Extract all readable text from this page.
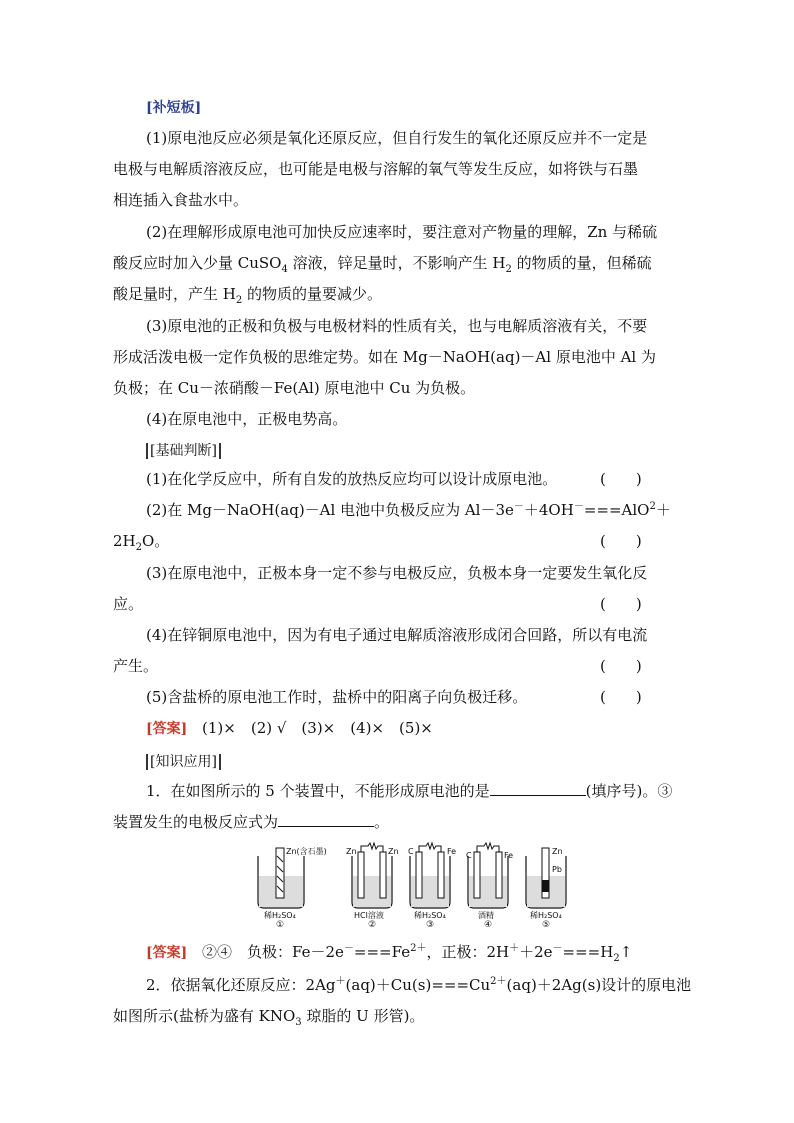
[补短板]
(1)原电池反应必须是氧化还原反应，但自行发生的氧化还原反应并不一定是
电极与电解质溶液反应，也可能是电极与溶解的氧气等发生反应，如将铁与石墨
相连插入食盐水中。
(2)在理解形成原电池可加快反应速率时，要注意对产物量的理解，Zn 与稀硫
酸反应时加入少量 CuSO$_4$ 溶液，锌足量时，不影响产生 $H_2$ 的物质的量，但稀硫
酸足量时，产生 $H_2$ 的物质的量要减少。
(3)原电池的正极和负极与电极材料的性质有关，也与电解质溶液有关，不要
形成活泼电极一定作负极的思维定势。如在 Mg－NaOH(aq)－Al 原电池中 Al 为
负极；在 Cu－浓硝酸－Fe(Al) 原电池中 Cu 为负极。
(4)在原电池中，正极电势高。
[基础判断]
(1)在化学反应中，所有自发的放热反应均可以设计成原电池。	(　　)
(2)在 Mg－NaOH(aq)－Al 电池中负极反应为 Al－3e－＋4OH－===AlO$^2$＋
$2H_2O$。	(　　)
(3)在原电池中，正极本身一定不参与电极反应，负极本身一定要发生氧化反
应。	(　　)
(4)在锌铜原电池中，因为有电子通过电解质溶液形成闭合回路，所以有电流
产生。	(　　)
(5)含盐桥的原电池工作时，盐桥中的阳离子向负极迁移。	(　　)
[答案] (1)×　(2) √　(3)×　(4)×　(5)×
[知识应用]
1．在如图所示的 5 个装置中，不能形成原电池的是	(填序号)。③
装置发生的电极反应式为	。
Zn(含石墨)
稀H₂SO₄
①
Zn	Zn
HCl溶液
②
C	Fe
稀H₂SO₄
③
C	Fe
酒精
④
Zn
Pb
稀H₂SO₄
⑤
[答案] ②④　负极：$Fe-2e^-===Fe^{2+}$，正极：$2H^++2e^-===H_2↑$
2．依据氧化还原反应：$2Ag^+(aq)+Cu(s)===Cu^{2+}(aq)+2Ag(s)$设计的原电池
如图所示(盐桥为盛有 $KNO_3$ 琼脂的 U 形管)。
